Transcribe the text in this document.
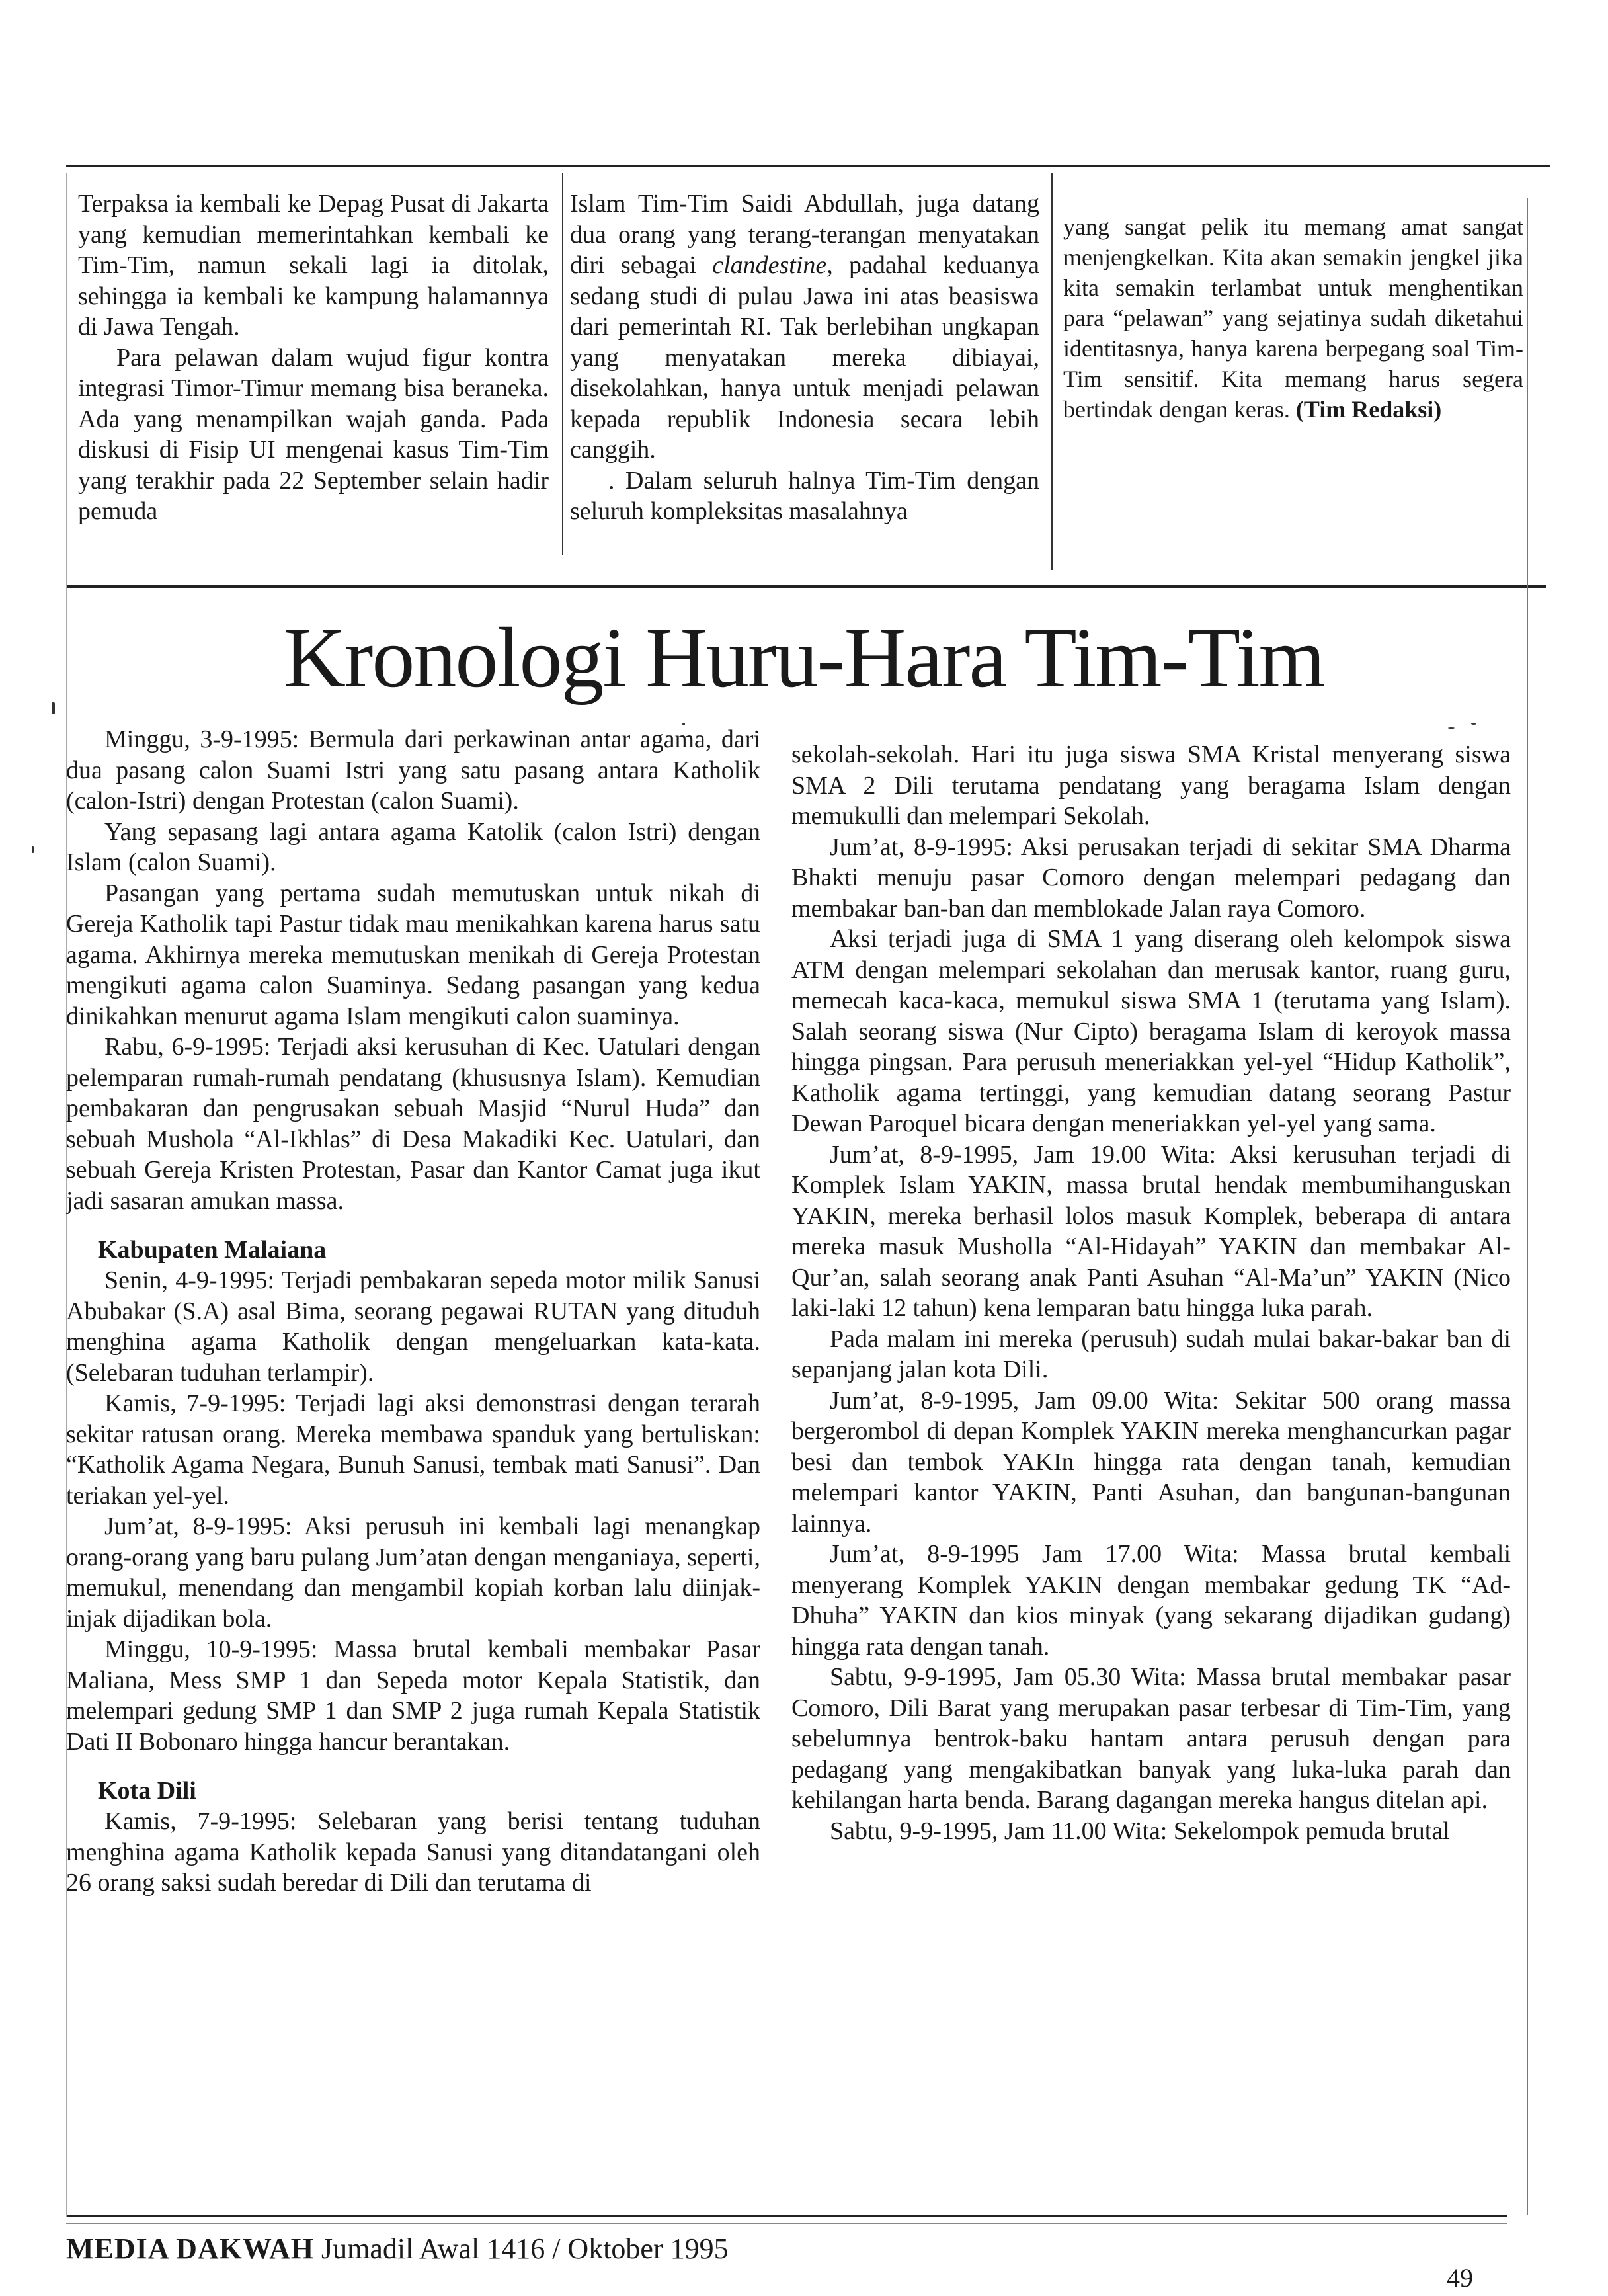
Terpaksa ia kembali ke Depag Pusat di Jakarta yang kemudian memerintahkan kembali ke Tim-Tim, namun sekali lagi ia ditolak, sehingga ia kembali ke kampung halamannya di Jawa Tengah.

Para pelawan dalam wujud figur kontra integrasi Timor-Timur memang bisa beraneka. Ada yang menampilkan wajah ganda. Pada diskusi di Fisip UI mengenai kasus Tim-Tim yang terakhir pada 22 September selain hadir pemuda

Islam Tim-Tim Saidi Abdullah, juga datang dua orang yang terang-terangan menyatakan diri sebagai clandestine, padahal keduanya sedang studi di pulau Jawa ini atas beasiswa dari pemerintah RI. Tak berlebihan ungkapan yang menyatakan mereka dibiayai, disekolahkan, hanya untuk menjadi pelawan kepada republik Indonesia secara lebih canggih.

. Dalam seluruh halnya Tim-Tim dengan seluruh kompleksitas masalahnya

yang sangat pelik itu memang amat sangat menjengkelkan. Kita akan semakin jengkel jika kita semakin terlambat untuk menghentikan para “pelawan” yang sejatinya sudah diketahui identitasnya, hanya karena berpegang soal Tim-Tim sensitif. Kita memang harus segera bertindak dengan keras. (Tim Redaksi)

Kronologi Huru-Hara Tim-Tim

Minggu, 3-9-1995: Bermula dari perkawinan antar agama, dari dua pasang calon Suami Istri yang satu pasang antara Katholik (calon-Istri) dengan Protestan (calon Suami).

Yang sepasang lagi antara agama Katolik (calon Istri) dengan Islam (calon Suami).

Pasangan yang pertama sudah memutuskan untuk nikah di Gereja Katholik tapi Pastur tidak mau menikahkan karena harus satu agama. Akhirnya mereka memutuskan menikah di Gereja Protestan mengikuti agama calon Suaminya. Sedang pasangan yang kedua dinikahkan menurut agama Islam mengikuti calon suaminya.

Rabu, 6-9-1995: Terjadi aksi kerusuhan di Kec. Uatulari dengan pelemparan rumah-rumah pendatang (khususnya Islam). Kemudian pembakaran dan pengrusakan sebuah Masjid “Nurul Huda” dan sebuah Mushola “Al-Ikhlas” di Desa Makadiki Kec. Uatulari, dan sebuah Gereja Kristen Protestan, Pasar dan Kantor Camat juga ikut jadi sasaran amukan massa.

Kabupaten Malaiana

Senin, 4-9-1995: Terjadi pembakaran sepeda motor milik Sanusi Abubakar (S.A) asal Bima, seorang pegawai RUTAN yang dituduh menghina agama Katholik dengan mengeluarkan kata-kata. (Selebaran tuduhan terlampir).

Kamis, 7-9-1995: Terjadi lagi aksi demonstrasi dengan terarah sekitar ratusan orang. Mereka membawa spanduk yang bertuliskan: “Katholik Agama Negara, Bunuh Sanusi, tembak mati Sanusi”. Dan teriakan yel-yel.

Jum’at, 8-9-1995: Aksi perusuh ini kembali lagi menangkap orang-orang yang baru pulang Jum’atan dengan menganiaya, seperti, memukul, menendang dan mengambil kopiah korban lalu diinjak-injak dijadikan bola.

Minggu, 10-9-1995: Massa brutal kembali membakar Pasar Maliana, Mess SMP 1 dan Sepeda motor Kepala Statistik, dan melempari gedung SMP 1 dan SMP 2 juga rumah Kepala Statistik Dati II Bobonaro hingga hancur berantakan.

Kota Dili

Kamis, 7-9-1995: Selebaran yang berisi tentang tuduhan menghina agama Katholik kepada Sanusi yang ditandatangani oleh 26 orang saksi sudah beredar di Dili dan terutama di

sekolah-sekolah. Hari itu juga siswa SMA Kristal menyerang siswa SMA 2 Dili terutama pendatang yang beragama Islam dengan memukulli dan melempari Sekolah.

Jum’at, 8-9-1995: Aksi perusakan terjadi di sekitar SMA Dharma Bhakti menuju pasar Comoro dengan melempari pedagang dan membakar ban-ban dan memblokade Jalan raya Comoro.

Aksi terjadi juga di SMA 1 yang diserang oleh kelompok siswa ATM dengan melempari sekolahan dan merusak kantor, ruang guru, memecah kaca-kaca, memukul siswa SMA 1 (terutama yang Islam). Salah seorang siswa (Nur Cipto) beragama Islam di keroyok massa hingga pingsan. Para perusuh meneriakkan yel-yel “Hidup Katholik”, Katholik agama tertinggi, yang kemudian datang seorang Pastur Dewan Paroquel bicara dengan meneriakkan yel-yel yang sama.

Jum’at, 8-9-1995, Jam 19.00 Wita: Aksi kerusuhan terjadi di Komplek Islam YAKIN, massa brutal hendak membumihanguskan YAKIN, mereka berhasil lolos masuk Komplek, beberapa di antara mereka masuk Musholla “Al-Hidayah” YAKIN dan membakar Al-Qur’an, salah seorang anak Panti Asuhan “Al-Ma’un” YAKIN (Nico laki-laki 12 tahun) kena lemparan batu hingga luka parah.

Pada malam ini mereka (perusuh) sudah mulai bakar-bakar ban di sepanjang jalan kota Dili.

Jum’at, 8-9-1995, Jam 09.00 Wita: Sekitar 500 orang massa bergerombol di depan Komplek YAKIN mereka menghancurkan pagar besi dan tembok YAKIn hingga rata dengan tanah, kemudian melempari kantor YAKIN, Panti Asuhan, dan bangunan-bangunan lainnya.

Jum’at, 8-9-1995 Jam 17.00 Wita: Massa brutal kembali menyerang Komplek YAKIN dengan membakar gedung TK “Ad-Dhuha” YAKIN dan kios minyak (yang sekarang dijadikan gudang) hingga rata dengan tanah.

Sabtu, 9-9-1995, Jam 05.30 Wita: Massa brutal membakar pasar Comoro, Dili Barat yang merupakan pasar terbesar di Tim-Tim, yang sebelumnya bentrok-baku hantam antara perusuh dengan para pedagang yang mengakibatkan banyak yang luka-luka parah dan kehilangan harta benda. Barang dagangan mereka hangus ditelan api.

Sabtu, 9-9-1995, Jam 11.00 Wita: Sekelompok pemuda brutal

MEDIA DAKWAH Jumadil Awal 1416 / Oktober 1995
49
